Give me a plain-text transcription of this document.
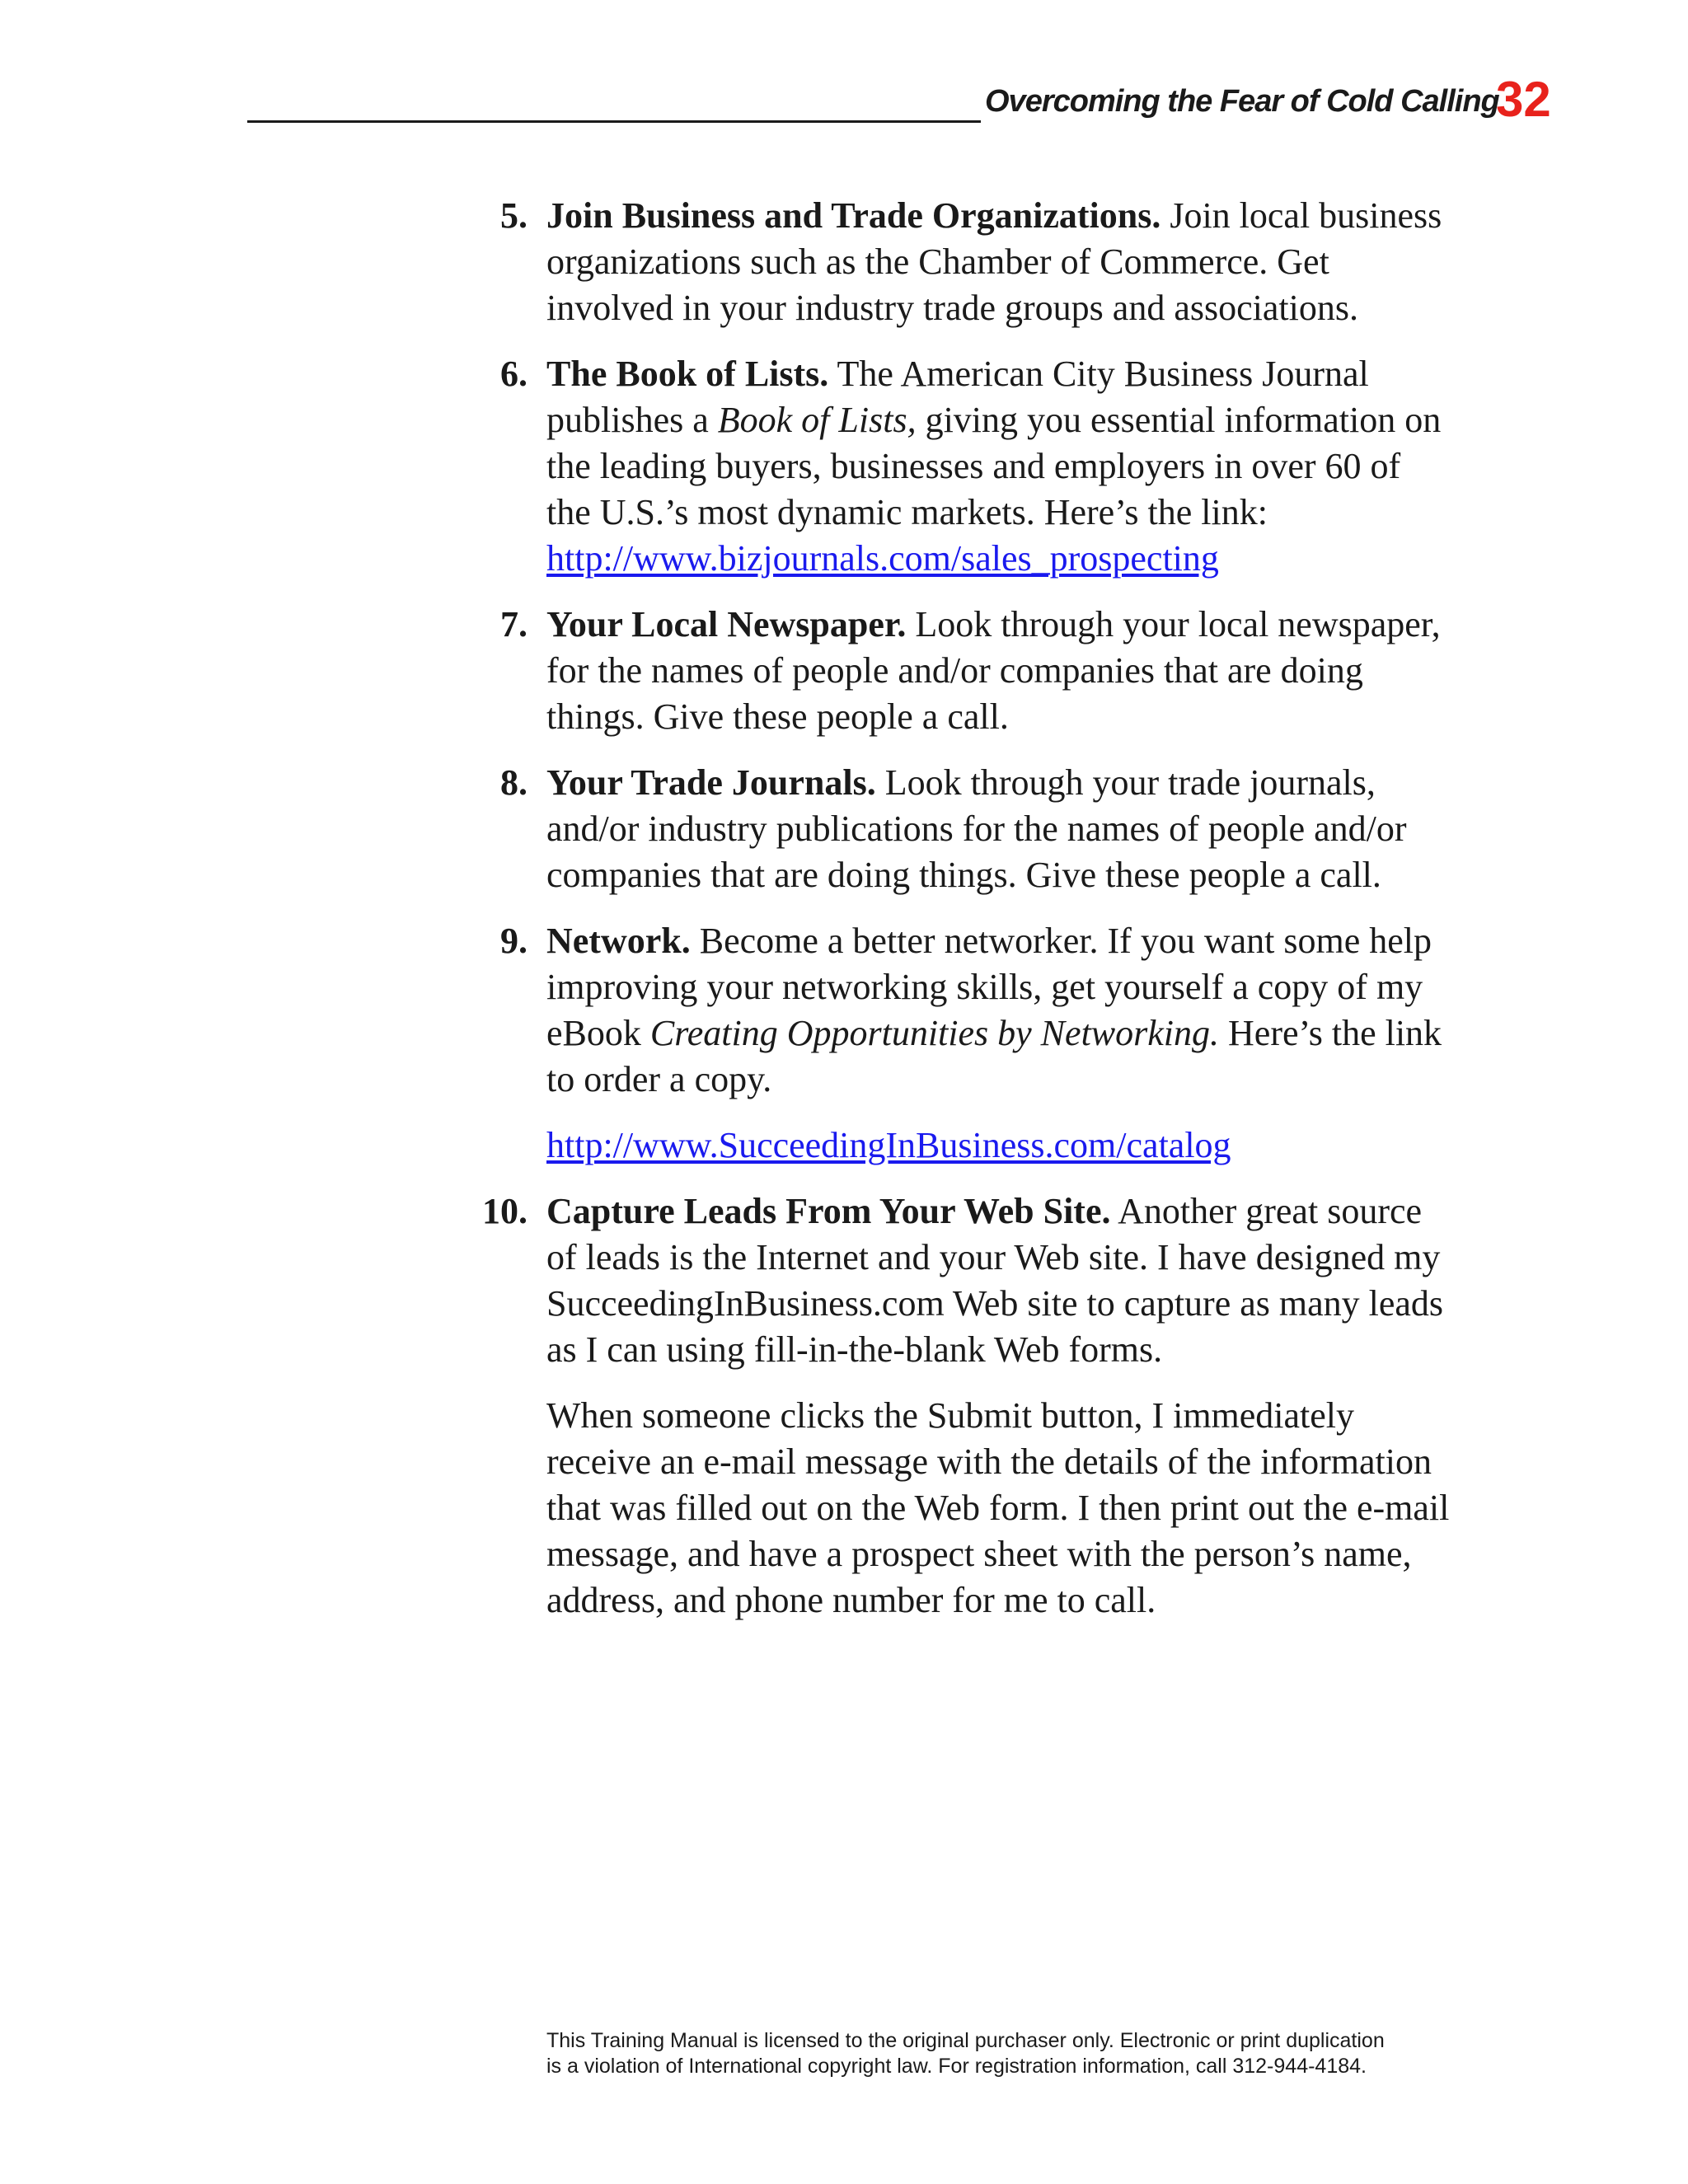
Overcoming the Fear of Cold Calling
32
5. Join Business and Trade Organizations. Join local business organizations such as the Chamber of Commerce. Get involved in your industry trade groups and associations.

6. The Book of Lists. The American City Business Journal publishes a Book of Lists, giving you essential information on the leading buyers, businesses and employers in over 60 of the U.S.’s most dynamic markets. Here’s the link:
http://www.bizjournals.com/sales_prospecting

7. Your Local Newspaper. Look through your local newspaper, for the names of people and/or companies that are doing things. Give these people a call.

8. Your Trade Journals. Look through your trade journals, and/or industry publications for the names of people and/or companies that are doing things. Give these people a call.

9. Network. Become a better networker. If you want some help improving your networking skills, get yourself a copy of my eBook Creating Opportunities by Networking. Here’s the link to order a copy.

http://www.SucceedingInBusiness.com/catalog

10. Capture Leads From Your Web Site. Another great source of leads is the Internet and your Web site. I have designed my SucceedingInBusiness.com Web site to capture as many leads as I can using fill-in-the-blank Web forms.

When someone clicks the Submit button, I immediately receive an e-mail message with the details of the information that was filled out on the Web form. I then print out the e-mail message, and have a prospect sheet with the person’s name, address, and phone number for me to call.

This Training Manual is licensed to the original purchaser only. Electronic or print duplication
is a violation of International copyright law. For registration information, call 312-944-4184.
